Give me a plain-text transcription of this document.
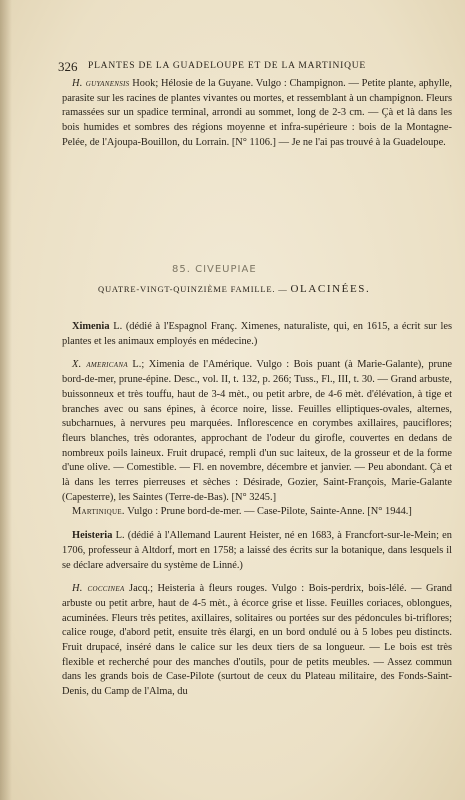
326 PLANTES DE LA GUADELOUPE ET DE LA MARTINIQUE

H. guyanensis Hook; Hélosie de la Guyane. Vulgo : Champignon. — Petite plante, aphylle, parasite sur les racines de plantes vivantes ou mortes, et ressemblant à un champignon. Fleurs ramassées sur un spadice terminal, arrondi au sommet, long de 2-3 cm. — Çà et là dans les bois humides et sombres des régions moyenne et infra-supérieure : bois de la Montagne-Pelée, de l'Ajoupa-Bouillon, du Lorrain. [N° 1106.] — Je ne l'ai pas trouvé à la Guadeloupe.

85. CIVEUPIAE
QUATRE-VINGT-QUINZIÈME FAMILLE. — OLACINÉES.

Ximenia L. (dédié à l'Espagnol Franç. Ximenes, naturaliste, qui, en 1615, a écrit sur les plantes et les animaux employés en médecine.)

X. americana L.; Ximenia de l'Amérique. Vulgo : Bois puant (à Marie-Galante), prune bord-de-mer, prune-épine. Desc., vol. II, t. 132, p. 266; Tuss., Fl., III, t. 30. — Grand arbuste, buissonneux et très touffu, haut de 3-4 mèt., ou petit arbre, de 4-6 mèt. d'élévation, à tige et branches avec ou sans épines, à écorce noire, lisse. Feuilles elliptiques-ovales, alternes, subcharnues, à nervures peu marquées. Inflorescence en corymbes axillaires, pauciflores; fleurs blanches, très odorantes, approchant de l'odeur du girofle, couvertes en dedans de nombreux poils laineux. Fruit drupacé, rempli d'un suc laiteux, de la grosseur et de la forme d'une olive. — Comestible. — Fl. en novembre, décembre et janvier. — Peu abondant. Çà et là dans les terres pierreuses et sèches : Désirade, Gozier, Saint-François, Marie-Galante (Capesterre), les Saintes (Terre-de-Bas). [N° 3245.]

Martinique. Vulgo : Prune bord-de-mer. — Case-Pilote, Sainte-Anne. [N° 1944.]

Heisteria L. (dédié à l'Allemand Laurent Heister, né en 1683, à Francfort-sur-le-Mein; en 1706, professeur à Altdorf, mort en 1758; a laissé des écrits sur la botanique, dans lesquels il se déclare adversaire du système de Linné.)

H. coccinea Jacq.; Heisteria à fleurs rouges. Vulgo : Bois-perdrix, bois-lélé. — Grand arbuste ou petit arbre, haut de 4-5 mèt., à écorce grise et lisse. Feuilles coriaces, oblongues, acuminées. Fleurs très petites, axillaires, solitaires ou portées sur des pédoncules bi-triflores; calice rouge, d'abord petit, ensuite très élargi, en un bord ondulé ou à 5 lobes peu distincts. Fruit drupacé, inséré dans le calice sur les deux tiers de sa longueur. — Le bois est très flexible et recherché pour des manches d'outils, pour de petits meubles. — Assez commun dans les grands bois de Case-Pilote (surtout de ceux du Plateau militaire, des Fonds-Saint-Denis, du Camp de l'Alma, du
